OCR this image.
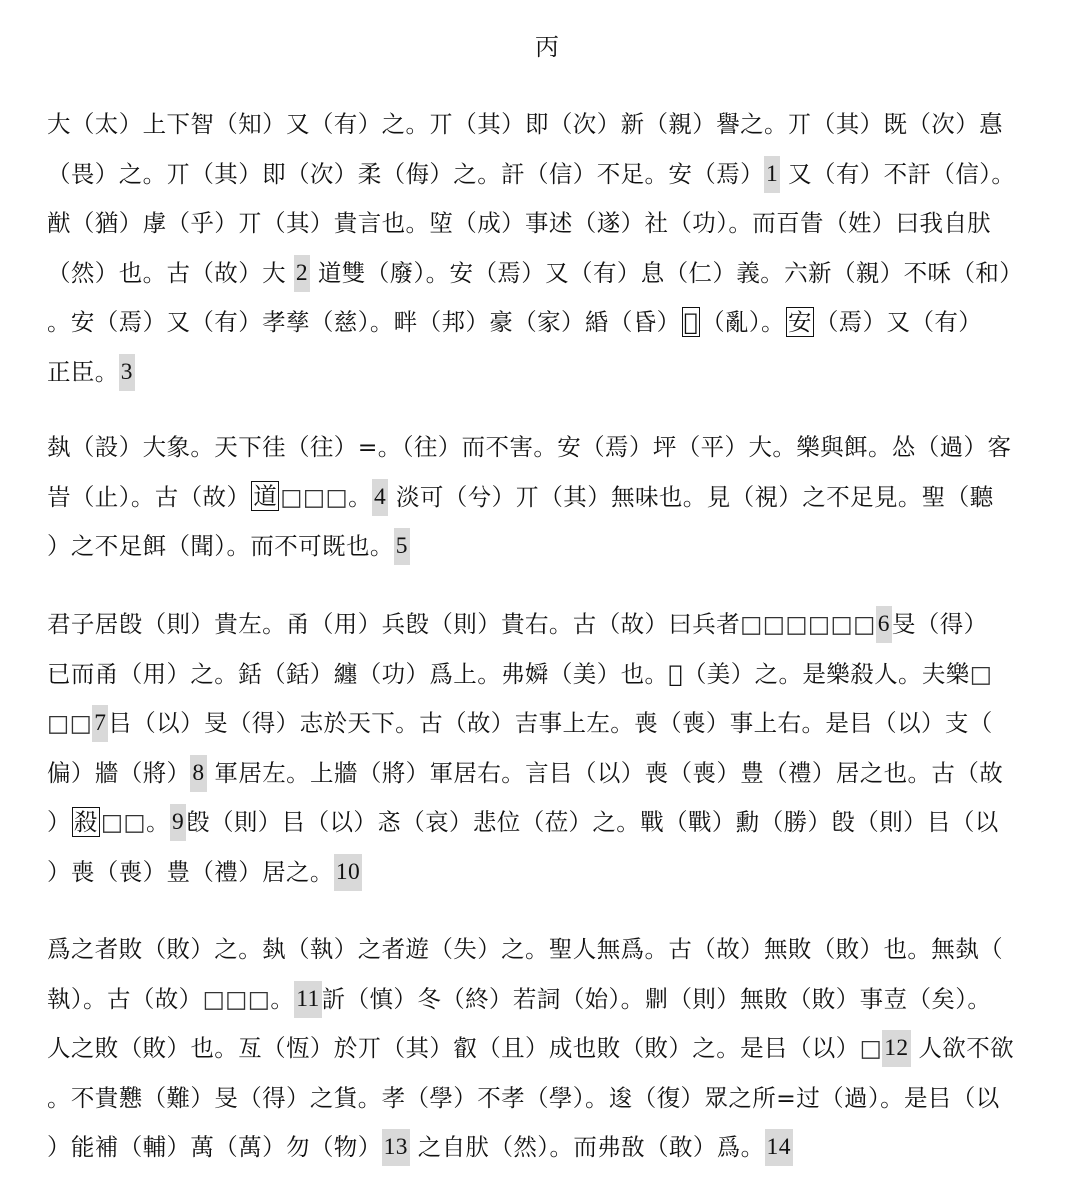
丙
大（太）上下智（知）又（有）之。丌（其）即（次）新（親）譽之。丌（其）既（次）惪
（畏）之。丌（其）即（次）柔（侮）之。訐（信）不足。安（焉）1 又（有）不訐（信）。
猷（猶）虖（乎）丌（其）貴言也。埅（成）事述（遂）社（功）。而百眚（姓）曰我自肰
（然）也。古（故）大 2 道雙（廢）。安（焉）又（有）息（仁）義。六新（親）不咊（和）
。安（焉）又（有）孝孳（慈）。畔（邦）豪（家）緍（昏） 𠃧 （亂）。 安 （焉）又（有）
正臣。3
埶（設）大象。天下徍（往）=。（往）而不害。安（焉）坪（平）大。樂與餌。怂（過）客
峕（止）。古（故） 道 □□□。4 淡可（兮）丌（其）無味也。見（視）之不足見。聖（聽
）之不足餌（聞）。而不可既也。5
君子居𣪘（則）貴左。甬（用）兵𣪘（則）貴右。古（故）曰兵者□□□□□□6旻（得）
已而甬（用）之。銛（銛）纏（功）爲上。弗𡡞（美）也。𢼸（美）之。是樂殺人。夫樂□
□□7㠯（以）旻（得）志於天下。古（故）吉事上左。喪（喪）事上右。是㠯（以）支（
偏）牆（將）8 軍居左。上牆（將）軍居右。言㠯（以）喪（喪）豊（禮）居之也。古（故
） 殺 □□。9𣪘（則）㠯（以）忞（哀）悲位（莅）之。戰（戰）勳（勝）𣪘（則）㠯（以
）喪（喪）豊（禮）居之。10
爲之者敗（敗）之。埶（執）之者遊（失）之。聖人無爲。古（故）無敗（敗）也。無埶（
執）。古（故）□□□。11訢（慎）冬（終）若詞（始）。𠟭（則）無敗（敗）事壴（矣）。
人之敗（敗）也。亙（恆）於丌（其）叡（且）成也敗（敗）之。是㠯（以）□12 人欲不欲
。不貴戁（難）旻（得）之貨。孝（學）不孝（學）。逡（復）眾之所=过（過）。是㠯（以
）能補（輔）萬（萬）勿（物）13 之自肰（然）。而弗敔（敢）爲。14
